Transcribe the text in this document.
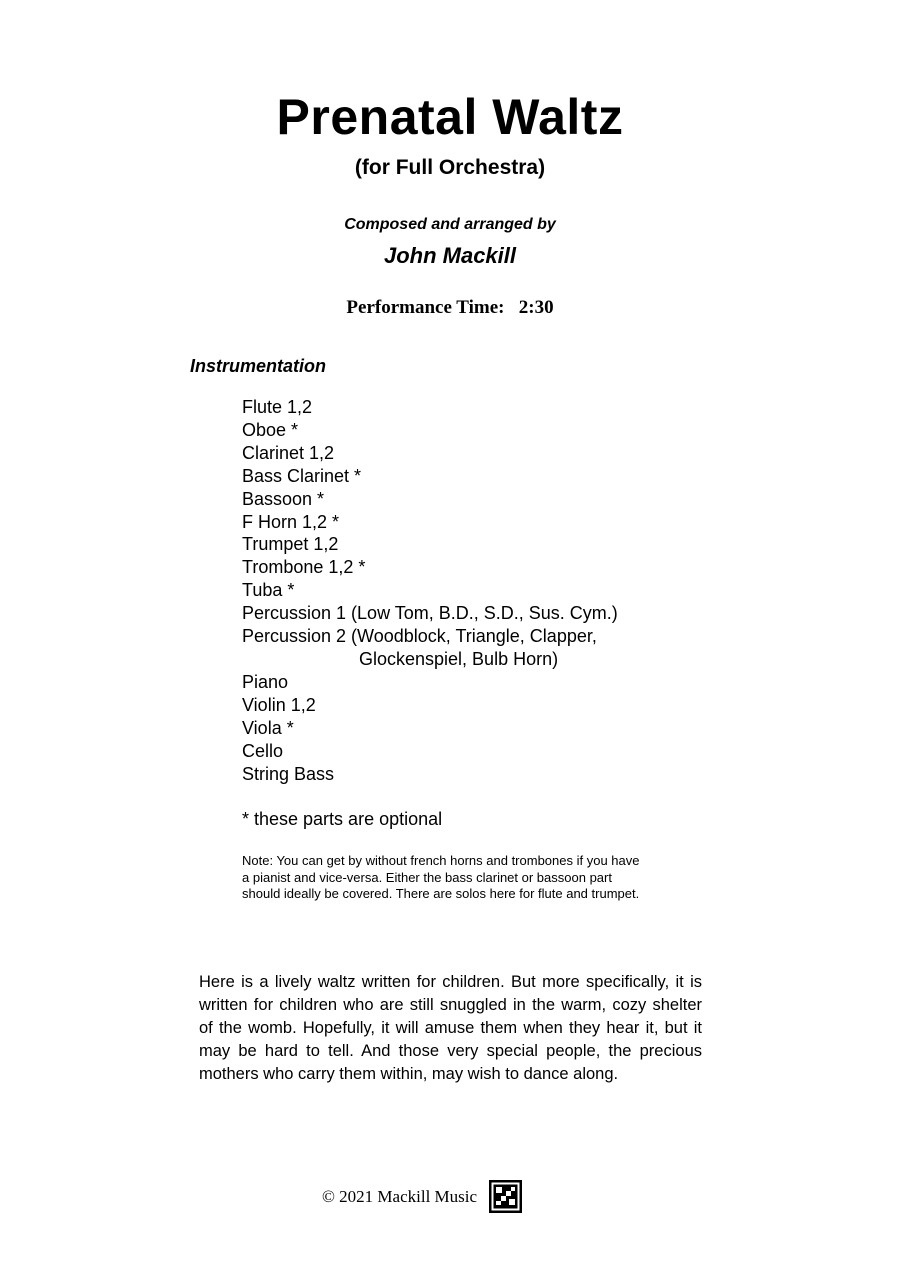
Prenatal Waltz
(for Full Orchestra)
Composed and arranged by
John Mackill
Performance Time:   2:30
Instrumentation
Flute 1,2
Oboe *
Clarinet 1,2
Bass Clarinet *
Bassoon *
F Horn 1,2 *
Trumpet 1,2
Trombone 1,2 *
Tuba *
Percussion 1 (Low Tom, B.D., S.D., Sus. Cym.)
Percussion 2 (Woodblock, Triangle, Clapper,
Glockenspiel, Bulb Horn)
Piano
Violin 1,2
Viola *
Cello
String Bass
* these parts are optional
Note: You can get by without french horns and trombones if you have a pianist and vice-versa. Either the bass clarinet or bassoon part should ideally be covered. There are solos here for flute and trumpet.

Here is a lively waltz written for children. But more specifically, it is written for children who are still snuggled in the warm, cozy shelter of the womb. Hopefully, it will amuse them when they hear it, but it may be hard to tell. And those very special people, the precious mothers who carry them within, may wish to dance along.

© 2021 Mackill Music
